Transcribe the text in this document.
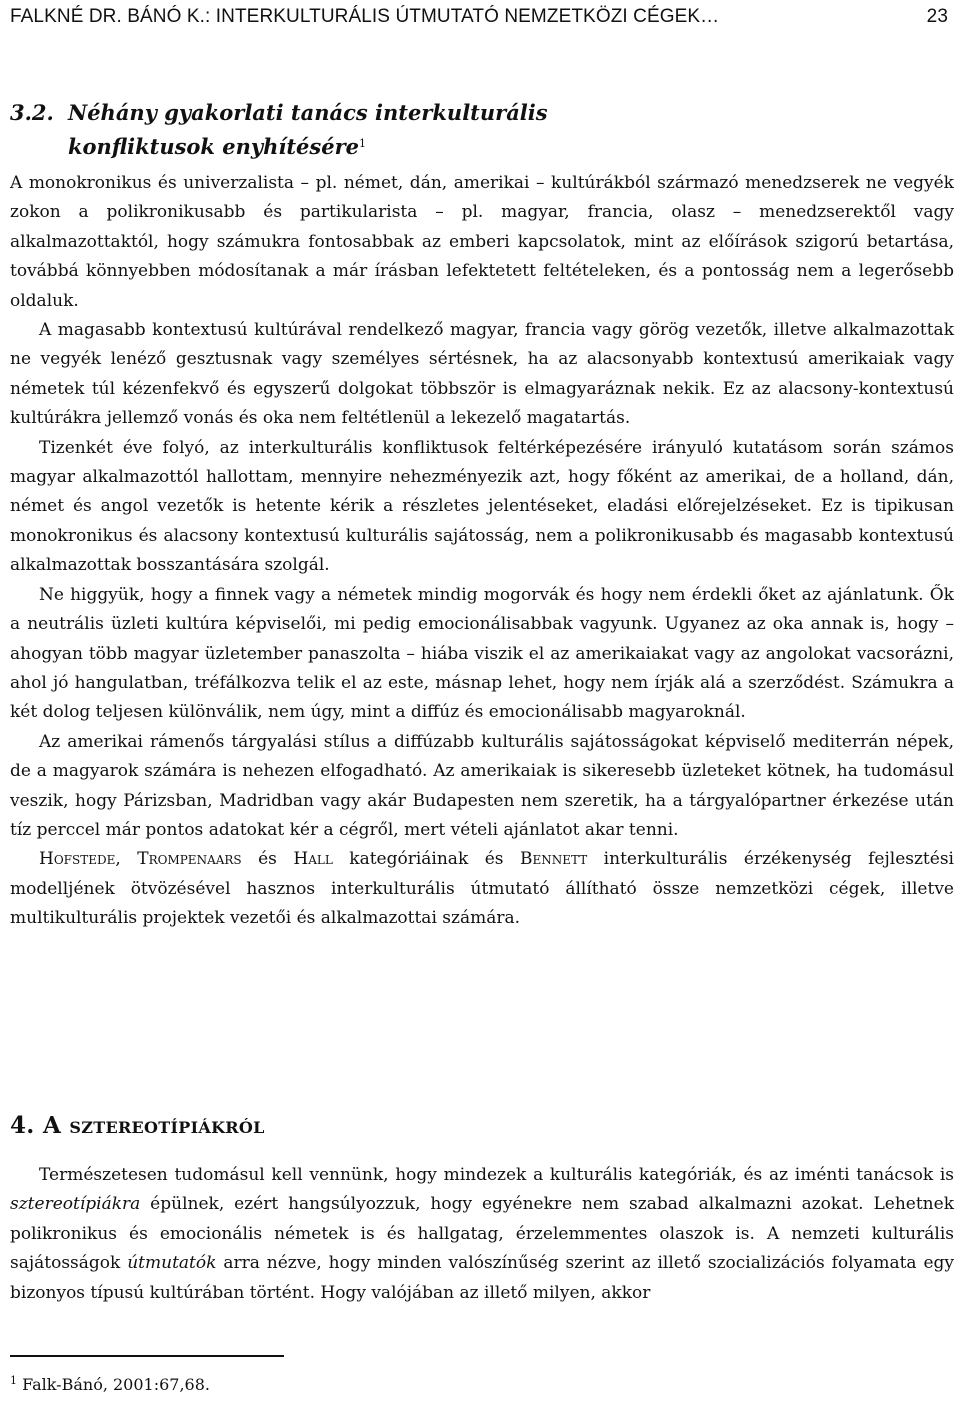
FALKNÉ DR. BÁNÓ K.: INTERKULTURÁLIS ÚTMUTATÓ NEMZETKÖZI CÉGEK…	23
3.2. Néhány gyakorlati tanács interkulturális
konfliktusok enyhítésére$^1$

A monokronikus és univerzalista – pl. német, dán, amerikai – kultúrákból származó menedzserek ne vegyék zokon a polikronikusabb és partikularista – pl. magyar, francia, olasz – menedzserektől vagy alkalmazottaktól, hogy számukra fontosabbak az emberi kapcsolatok, mint az előírások szigorú betartása, továbbá könnyebben módosítanak a már írásban lefektetett feltételeken, és a pontosság nem a legerősebb oldaluk.

A magasabb kontextusú kultúrával rendelkező magyar, francia vagy görög vezetők, illetve alkalmazottak ne vegyék lenéző gesztusnak vagy személyes sértésnek, ha az alacsonyabb kontextusú amerikaiak vagy németek túl kézenfekvő és egyszerű dolgokat többször is elmagyaráznak nekik. Ez az alacsony-kontextusú kultúrákra jellemző vonás és oka nem feltétlenül a lekezelő magatartás.

Tizenkét éve folyó, az interkulturális konfliktusok feltérképezésére irányuló kutatásom során számos magyar alkalmazottól hallottam, mennyire nehezményezik azt, hogy főként az amerikai, de a holland, dán, német és angol vezetők is hetente kérik a részletes jelentéseket, eladási előrejelzéseket. Ez is tipikusan monokronikus és alacsony kontextusú kulturális sajátosság, nem a polikronikusabb és magasabb kontextusú alkalmazottak bosszantására szolgál.

Ne higgyük, hogy a finnek vagy a németek mindig mogorvák és hogy nem érdekli őket az ajánlatunk. Ők a neutrális üzleti kultúra képviselői, mi pedig emocionálisabbak vagyunk. Ugyanez az oka annak is, hogy – ahogyan több magyar üzletember panaszolta – hiába viszik el az amerikaiakat vagy az angolokat vacsorázni, ahol jó hangulatban, tréfálkozva telik el az este, másnap lehet, hogy nem írják alá a szerződést. Számukra a két dolog teljesen különválik, nem úgy, mint a diffúz és emocionálisabb magyaroknál.

Az amerikai rámenős tárgyalási stílus a diffúzabb kulturális sajátosságokat képviselő mediterrán népek, de a magyarok számára is nehezen elfogadható. Az amerikaiak is sikeresebb üzleteket kötnek, ha tudomásul veszik, hogy Párizsban, Madridban vagy akár Budapesten nem szeretik, ha a tárgyalópartner érkezése után tíz perccel már pontos adatokat kér a cégről, mert vételi ajánlatot akar tenni.

Hofstede, Trompenaars és Hall kategóriáinak és Bennett interkulturális érzékenység fejlesztési modelljének ötvözésével hasznos interkulturális útmutató állítható össze nemzetközi cégek, illetve multikulturális projektek vezetői és alkalmazottai számára.

4. A sztereotípiákról

Természetesen tudomásul kell vennünk, hogy mindezek a kulturális kategóriák, és az iménti tanácsok is sztereotípiákra épülnek, ezért hangsúlyozzuk, hogy egyénekre nem szabad alkalmazni azokat. Lehetnek polikronikus és emocionális németek is és hallgatag, érzelemmentes olaszok is. A nemzeti kulturális sajátosságok útmutatók arra nézve, hogy minden valószínűség szerint az illető szocializációs folyamata egy bizonyos típusú kultúrában történt. Hogy valójában az illető milyen, akkor

$^1$ Falk-Bánó, 2001:67,68.
